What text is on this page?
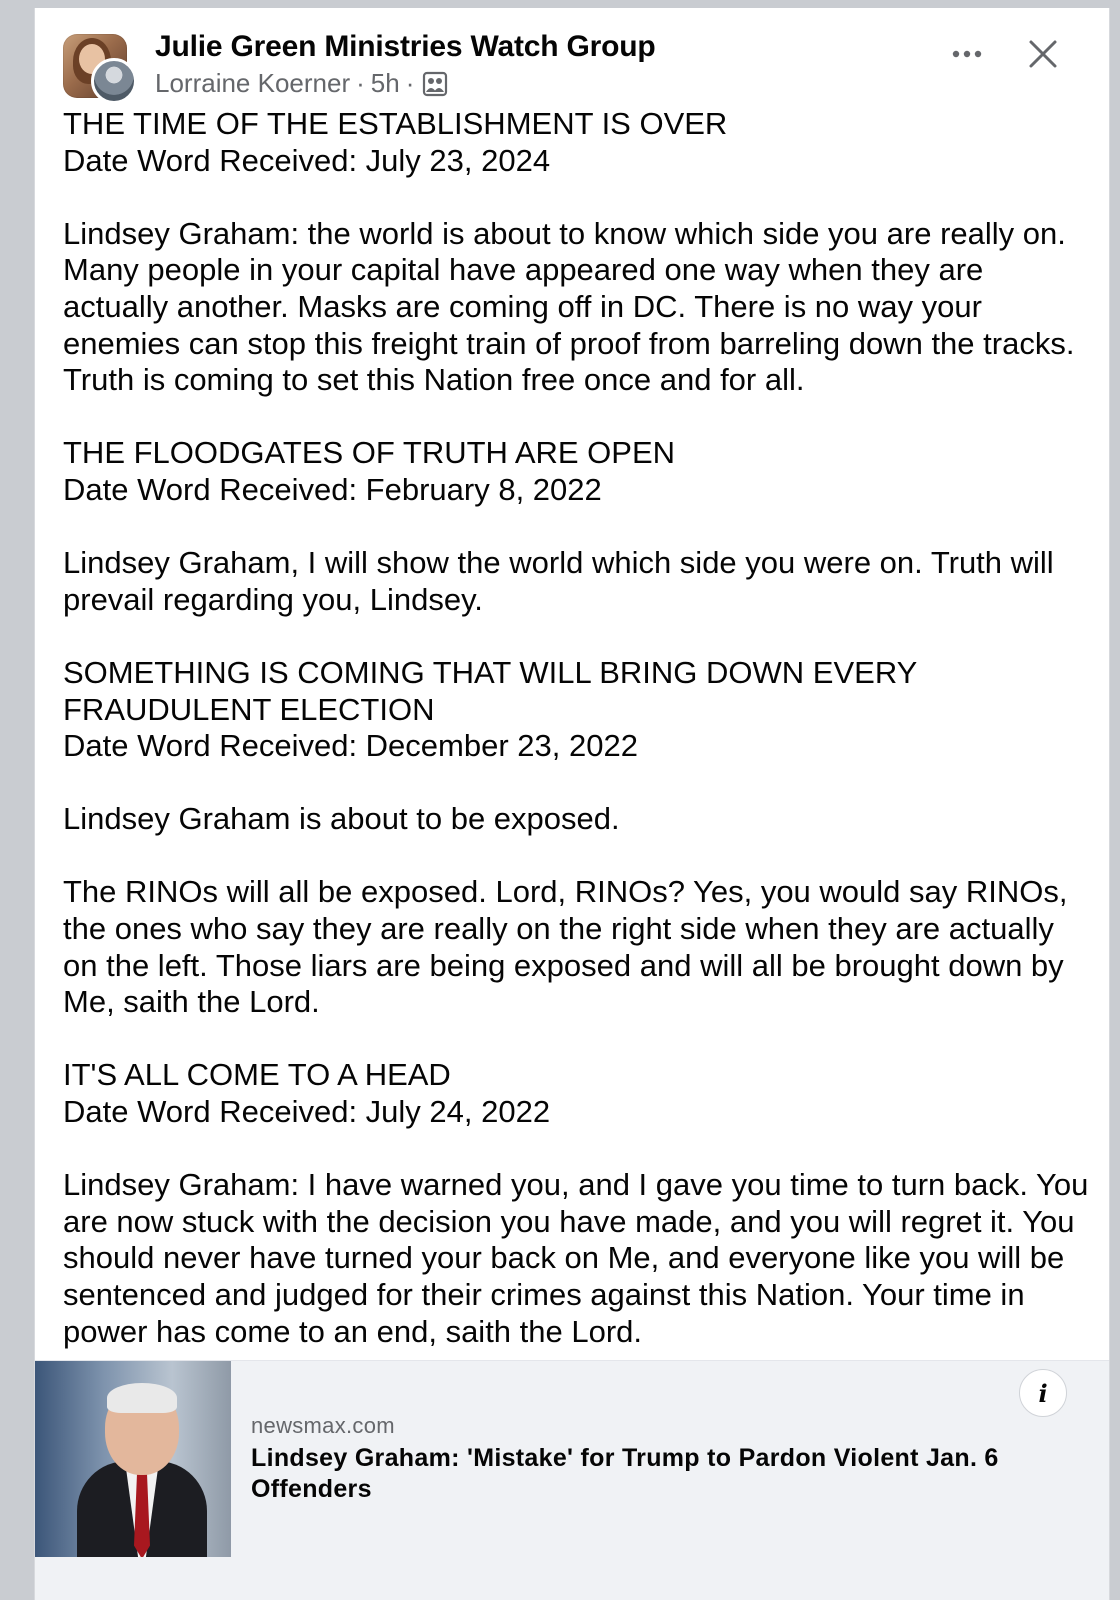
Julie Green Ministries Watch Group
Lorraine Koerner · 5h ·
THE TIME OF THE ESTABLISHMENT IS OVER
Date Word Received: July 23, 2024

Lindsey Graham: the world is about to know which side you are really on. Many people in your capital have appeared one way when they are actually another. Masks are coming off in DC. There is no way your enemies can stop this freight train of proof from barreling down the tracks. Truth is coming to set this Nation free once and for all.

THE FLOODGATES OF TRUTH ARE OPEN
Date Word Received: February 8, 2022

Lindsey Graham, I will show the world which side you were on. Truth will prevail regarding you, Lindsey.

SOMETHING IS COMING THAT WILL BRING DOWN EVERY FRAUDULENT ELECTION
Date Word Received: December 23, 2022

Lindsey Graham is about to be exposed.

The RINOs will all be exposed. Lord, RINOs? Yes, you would say RINOs, the ones who say they are really on the right side when they are actually on the left. Those liars are being exposed and will all be brought down by Me, saith the Lord.

IT'S ALL COME TO A HEAD
Date Word Received: July 24, 2022

Lindsey Graham: I have warned you, and I gave you time to turn back. You are now stuck with the decision you have made, and you will regret it. You should never have turned your back on Me, and everyone like you will be sentenced and judged for their crimes against this Nation. Your time in power has come to an end, saith the Lord.
i
newsmax.com
Lindsey Graham: 'Mistake' for Trump to Pardon Violent Jan. 6 Offenders
